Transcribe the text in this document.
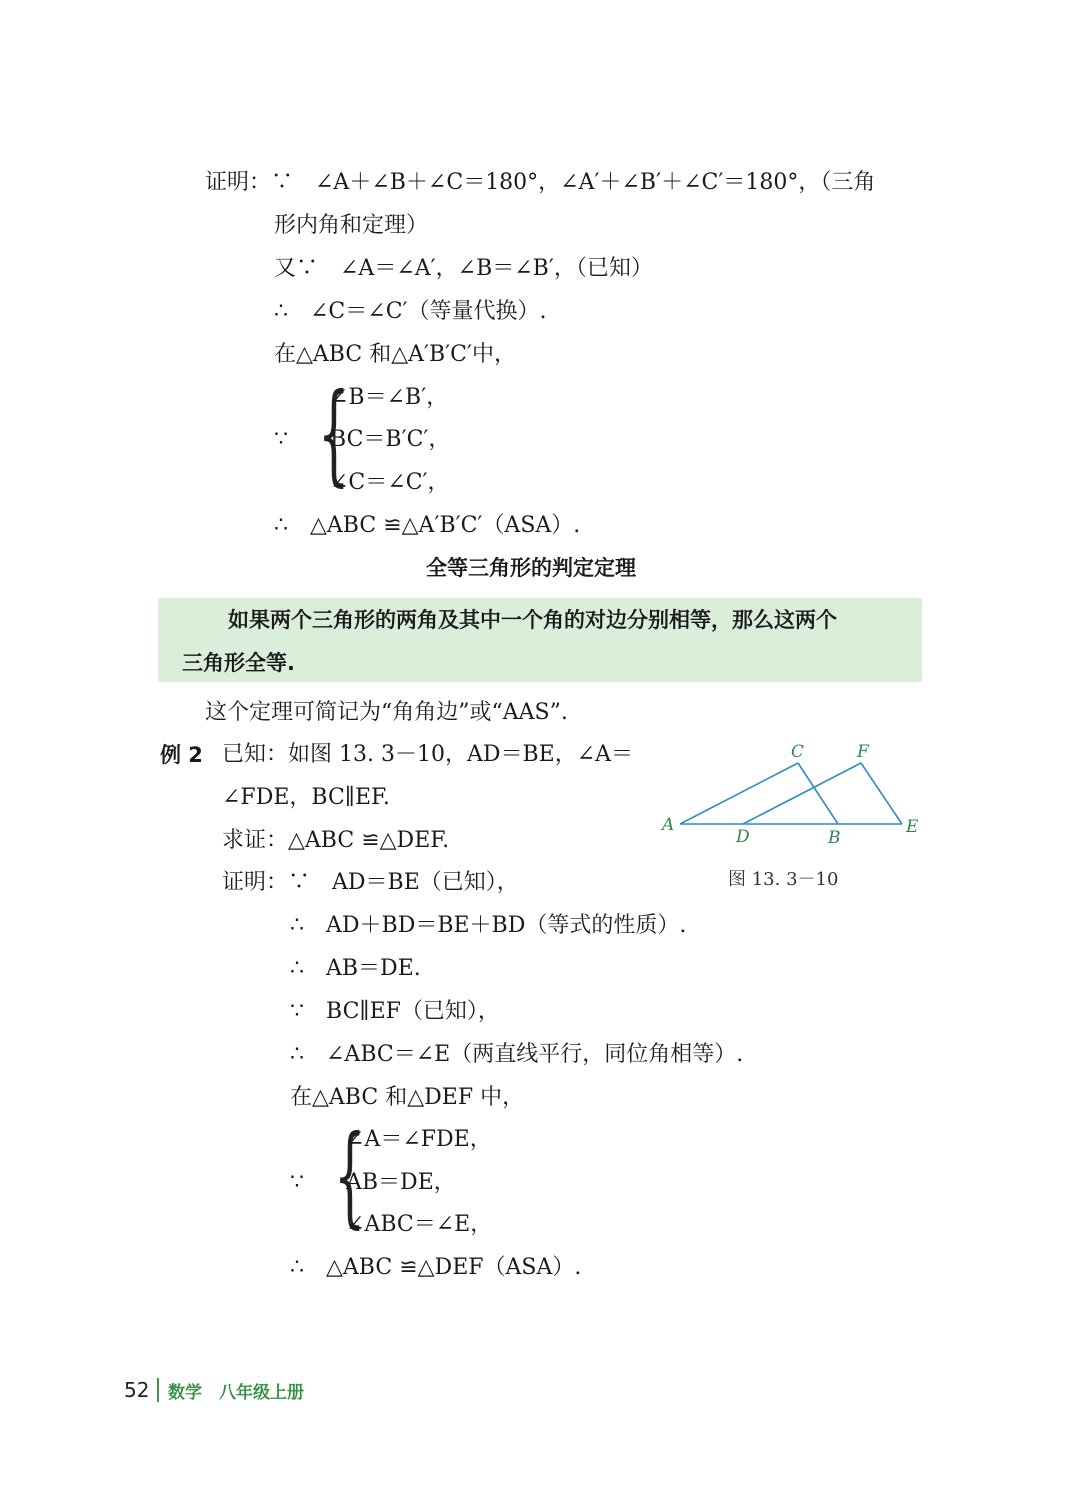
证明：∵　∠A＋∠B＋∠C＝180°，∠A′＋∠B′＋∠C′＝180°，（三角
形内角和定理）
又∵　∠A＝∠A′，∠B＝∠B′，（已知）
∴　∠C＝∠C′（等量代换）.
在△ABC 和△A′B′C′中，
∵ {
∠B＝∠B′，
BC＝B′C′，
∠C＝∠C′，
∴　△ABC ≌△A′B′C′（ASA）.
全等三角形的判定定理
如果两个三角形的两角及其中一个角的对边分别相等，那么这两个
三角形全等.
这个定理可简记为“角角边”或“AAS”.
例 2 已知：如图 13. 3－10，AD＝BE，∠A＝
∠FDE，BC∥EF.
求证：△ABC ≌△DEF.
证明：∵　AD＝BE（已知），
∴　AD＋BD＝BE＋BD（等式的性质）.
∴　AB＝DE.
∵　BC∥EF（已知），
∴　∠ABC＝∠E（两直线平行，同位角相等）.
在△ABC 和△DEF 中，
∵ {
∠A＝∠FDE，
AB＝DE，
∠ABC＝∠E，
∴　△ABC ≌△DEF（ASA）.
A
C	F
D	B
E
图 13. 3－10
52 数学　八年级上册
